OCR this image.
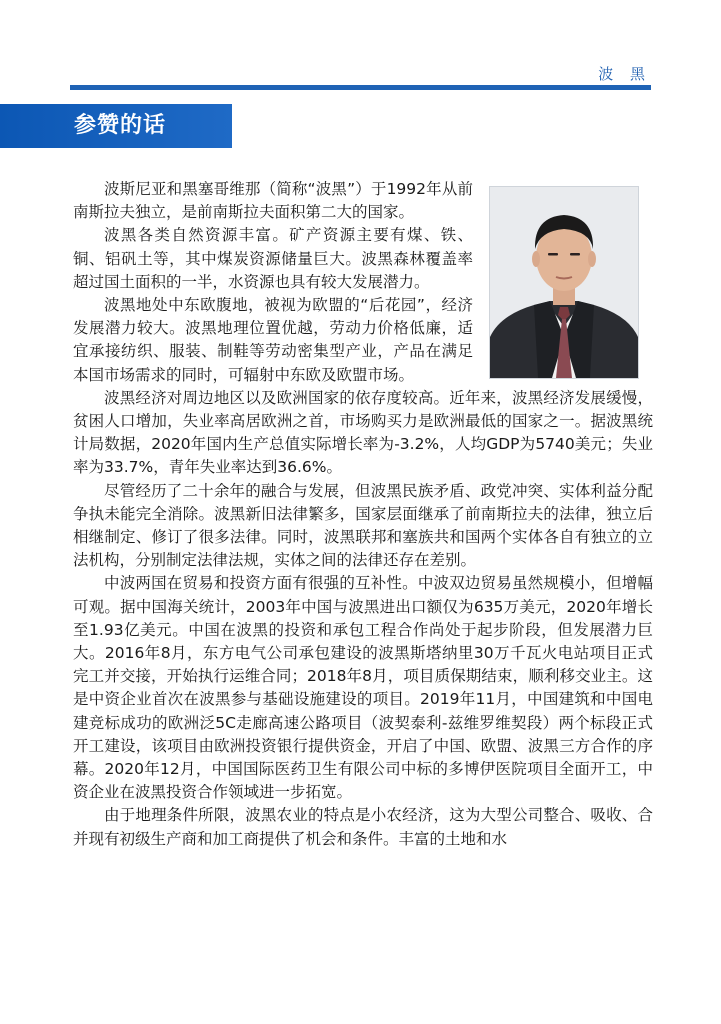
波 黑
参赞的话

波斯尼亚和黑塞哥维那（简称“波黑”）于1992年从前南斯拉夫独立，是前南斯拉夫面积第二大的国家。

波黑各类自然资源丰富。矿产资源主要有煤、铁、铜、铝矾土等，其中煤炭资源储量巨大。波黑森林覆盖率超过国土面积的一半，水资源也具有较大发展潜力。

波黑地处中东欧腹地，被视为欧盟的“后花园”，经济发展潜力较大。波黑地理位置优越，劳动力价格低廉，适宜承接纺织、服装、制鞋等劳动密集型产业，产品在满足本国市场需求的同时，可辐射中东欧及欧盟市场。

波黑经济对周边地区以及欧洲国家的依存度较高。近年来，波黑经济发展缓慢，贫困人口增加，失业率高居欧洲之首，市场购买力是欧洲最低的国家之一。据波黑统计局数据，2020年国内生产总值实际增长率为-3.2%，人均GDP为5740美元；失业率为33.7%，青年失业率达到36.6%。

尽管经历了二十余年的融合与发展，但波黑民族矛盾、政党冲突、实体利益分配争执未能完全消除。波黑新旧法律繁多，国家层面继承了前南斯拉夫的法律，独立后相继制定、修订了很多法律。同时，波黑联邦和塞族共和国两个实体各自有独立的立法机构，分别制定法律法规，实体之间的法律还存在差别。

中波两国在贸易和投资方面有很强的互补性。中波双边贸易虽然规模小，但增幅可观。据中国海关统计，2003年中国与波黑进出口额仅为635万美元，2020年增长至1.93亿美元。中国在波黑的投资和承包工程合作尚处于起步阶段，但发展潜力巨大。2016年8月，东方电气公司承包建设的波黑斯塔纳里30万千瓦火电站项目正式完工并交接，开始执行运维合同；2018年8月，项目质保期结束，顺利移交业主。这是中资企业首次在波黑参与基础设施建设的项目。2019年11月，中国建筑和中国电建竞标成功的欧洲泛5C走廊高速公路项目（波契泰利-兹维罗维契段）两个标段正式开工建设，该项目由欧洲投资银行提供资金，开启了中国、欧盟、波黑三方合作的序幕。2020年12月，中国国际医药卫生有限公司中标的多博伊医院项目全面开工，中资企业在波黑投资合作领域进一步拓宽。

由于地理条件所限，波黑农业的特点是小农经济，这为大型公司整合、吸收、合并现有初级生产商和加工商提供了机会和条件。丰富的土地和水
